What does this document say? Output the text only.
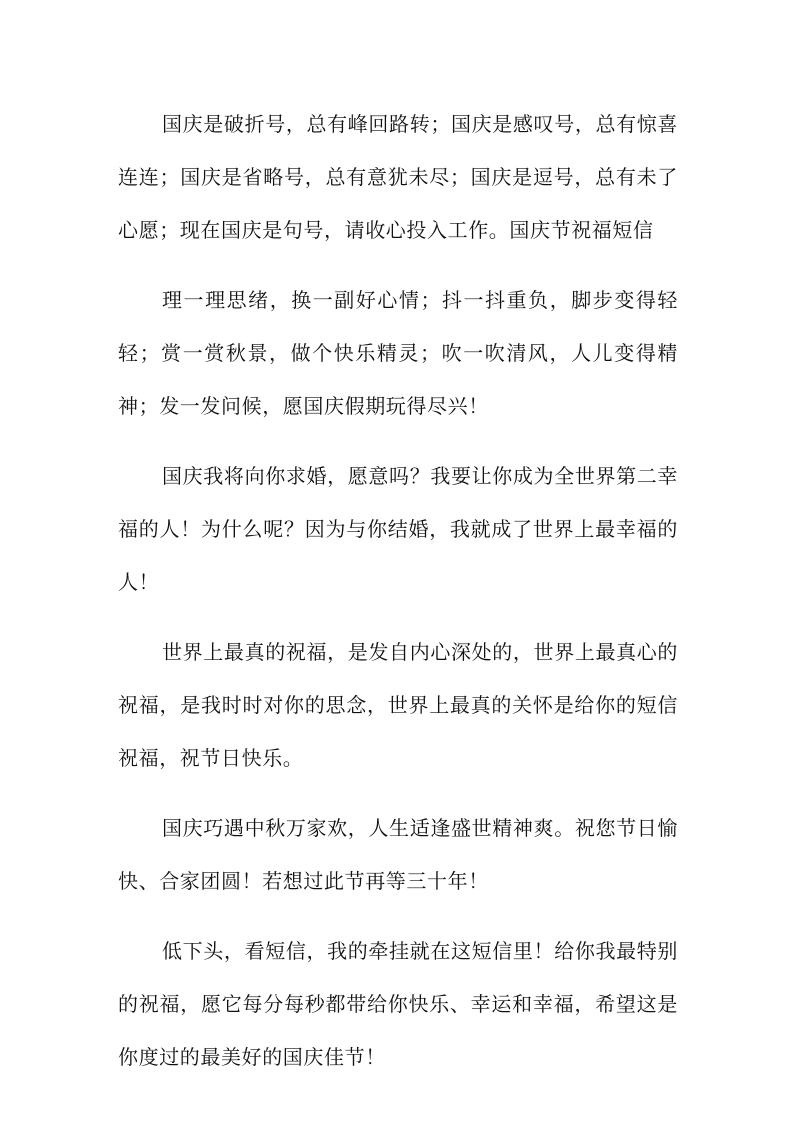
国庆是破折号，总有峰回路转；国庆是感叹号，总有惊喜连连；国庆是省略号，总有意犹未尽；国庆是逗号，总有未了心愿；现在国庆是句号，请收心投入工作。国庆节祝福短信

理一理思绪，换一副好心情；抖一抖重负，脚步变得轻轻；赏一赏秋景，做个快乐精灵；吹一吹清风，人儿变得精神；发一发问候，愿国庆假期玩得尽兴！

国庆我将向你求婚，愿意吗？我要让你成为全世界第二幸福的人！为什么呢？因为与你结婚，我就成了世界上最幸福的人！

世界上最真的祝福，是发自内心深处的，世界上最真心的祝福，是我时时对你的思念，世界上最真的关怀是给你的短信祝福，祝节日快乐。

国庆巧遇中秋万家欢，人生适逢盛世精神爽。祝您节日愉快、合家团圆！若想过此节再等三十年！

低下头，看短信，我的牵挂就在这短信里！给你我最特别的祝福，愿它每分每秒都带给你快乐、幸运和幸福，希望这是你度过的最美好的国庆佳节！
